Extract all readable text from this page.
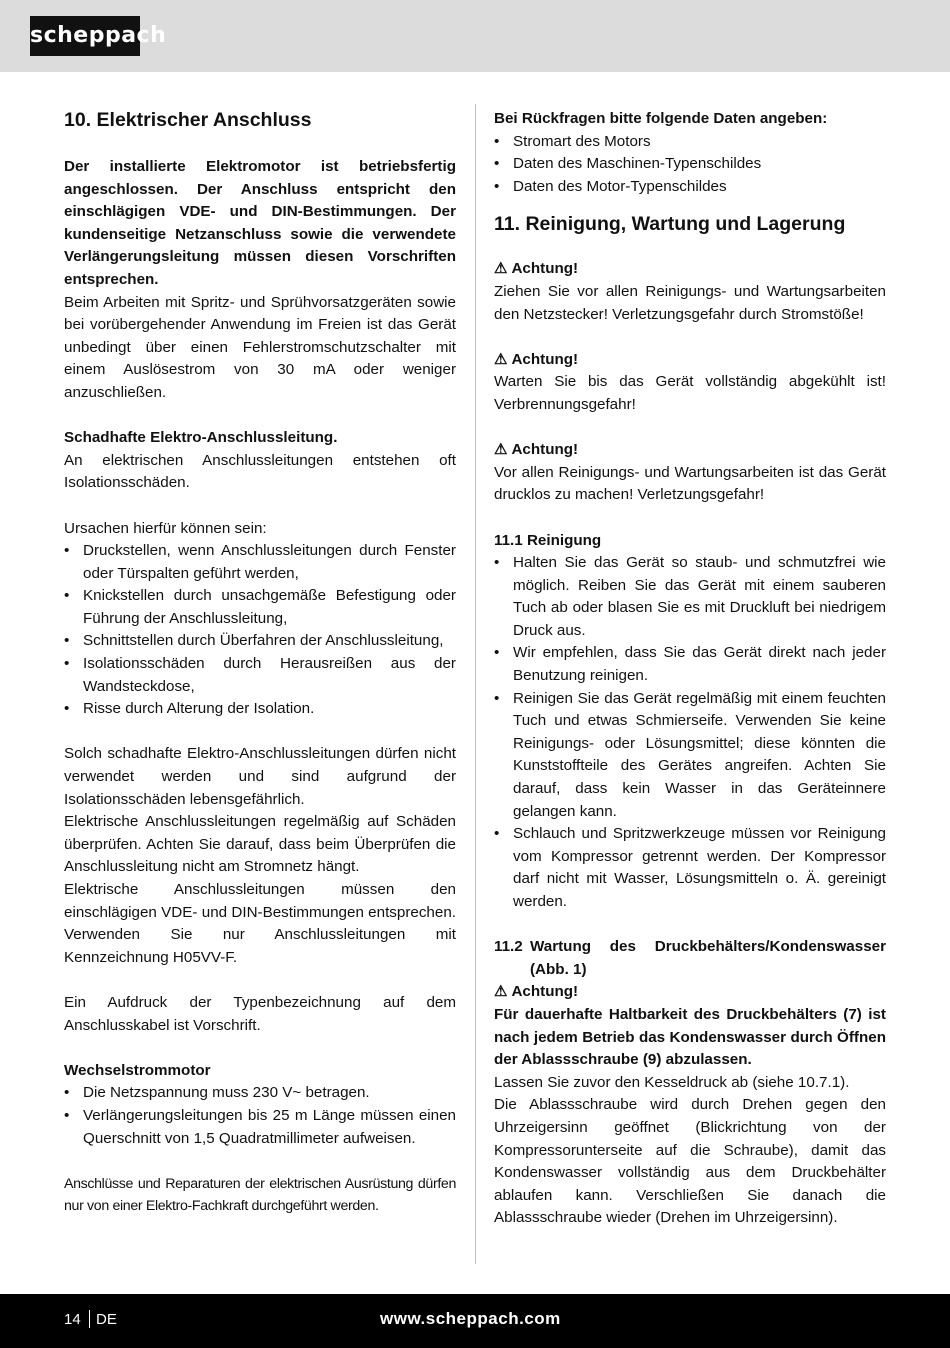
scheppach
10. Elektrischer Anschluss

Der installierte Elektromotor ist betriebsfertig angeschlossen. Der Anschluss entspricht den einschlägigen VDE- und DIN-Bestimmungen. Der kundenseitige Netzanschluss sowie die verwendete Verlängerungsleitung müssen diesen Vorschriften entsprechen.

Beim Arbeiten mit Spritz- und Sprühvorsatzgeräten sowie bei vorübergehender Anwendung im Freien ist das Gerät unbedingt über einen Fehlerstromschutzschalter mit einem Auslösestrom von 30 mA oder weniger anzuschließen.

Schadhafte Elektro-Anschlussleitung.

An elektrischen Anschlussleitungen entstehen oft Isolationsschäden.

Ursachen hierfür können sein:

• Druckstellen, wenn Anschlussleitungen durch Fenster oder Türspalten geführt werden,
• Knickstellen durch unsachgemäße Befestigung oder Führung der Anschlussleitung,
• Schnittstellen durch Überfahren der Anschlussleitung,
• Isolationsschäden durch Herausreißen aus der Wandsteckdose,
• Risse durch Alterung der Isolation.

Solch schadhafte Elektro-Anschlussleitungen dürfen nicht verwendet werden und sind aufgrund der Isolationsschäden lebensgefährlich.

Elektrische Anschlussleitungen regelmäßig auf Schäden überprüfen. Achten Sie darauf, dass beim Überprüfen die Anschlussleitung nicht am Stromnetz hängt.

Elektrische Anschlussleitungen müssen den einschlägigen VDE- und DIN-Bestimmungen entsprechen. Verwenden Sie nur Anschlussleitungen mit Kennzeichnung H05VV-F.

Ein Aufdruck der Typenbezeichnung auf dem Anschlusskabel ist Vorschrift.

Wechselstrommotor

• Die Netzspannung muss 230 V~ betragen.
• Verlängerungsleitungen bis 25 m Länge müssen einen Querschnitt von 1,5 Quadratmillimeter aufweisen.

Anschlüsse und Reparaturen der elektrischen Ausrüstung dürfen nur von einer Elektro-Fachkraft durchgeführt werden.

Bei Rückfragen bitte folgende Daten angeben:

• Stromart des Motors
• Daten des Maschinen-Typenschildes
• Daten des Motor-Typenschildes
11. Reinigung, Wartung und Lagerung

⚠ Achtung!

Ziehen Sie vor allen Reinigungs- und Wartungsarbeiten den Netzstecker! Verletzungsgefahr durch Stromstöße!

⚠ Achtung!

Warten Sie bis das Gerät vollständig abgekühlt ist! Verbrennungsgefahr!

⚠ Achtung!

Vor allen Reinigungs- und Wartungsarbeiten ist das Gerät drucklos zu machen! Verletzungsgefahr!

11.1 Reinigung

• Halten Sie das Gerät so staub- und schmutzfrei wie möglich. Reiben Sie das Gerät mit einem sauberen Tuch ab oder blasen Sie es mit Druckluft bei niedrigem Druck aus.
• Wir empfehlen, dass Sie das Gerät direkt nach jeder Benutzung reinigen.
• Reinigen Sie das Gerät regelmäßig mit einem feuchten Tuch und etwas Schmierseife. Verwenden Sie keine Reinigungs- oder Lösungsmittel; diese könnten die Kunststoffteile des Gerätes angreifen. Achten Sie darauf, dass kein Wasser in das Geräteinnere gelangen kann.
• Schlauch und Spritzwerkzeuge müssen vor Reinigung vom Kompressor getrennt werden. Der Kompressor darf nicht mit Wasser, Lösungsmitteln o. Ä. gereinigt werden.
11.2 Wartung des Druckbehälters/Kondenswasser (Abb. 1)

⚠ Achtung!

Für dauerhafte Haltbarkeit des Druckbehälters (7) ist nach jedem Betrieb das Kondenswasser durch Öffnen der Ablassschraube (9) abzulassen.

Lassen Sie zuvor den Kesseldruck ab (siehe 10.7.1).

Die Ablassschraube wird durch Drehen gegen den Uhrzeigersinn geöffnet (Blickrichtung von der Kompressorunterseite auf die Schraube), damit das Kondenswasser vollständig aus dem Druckbehälter ablaufen kann. Verschließen Sie danach die Ablassschraube wieder (Drehen im Uhrzeigersinn).

14 DE	www.scheppach.com
